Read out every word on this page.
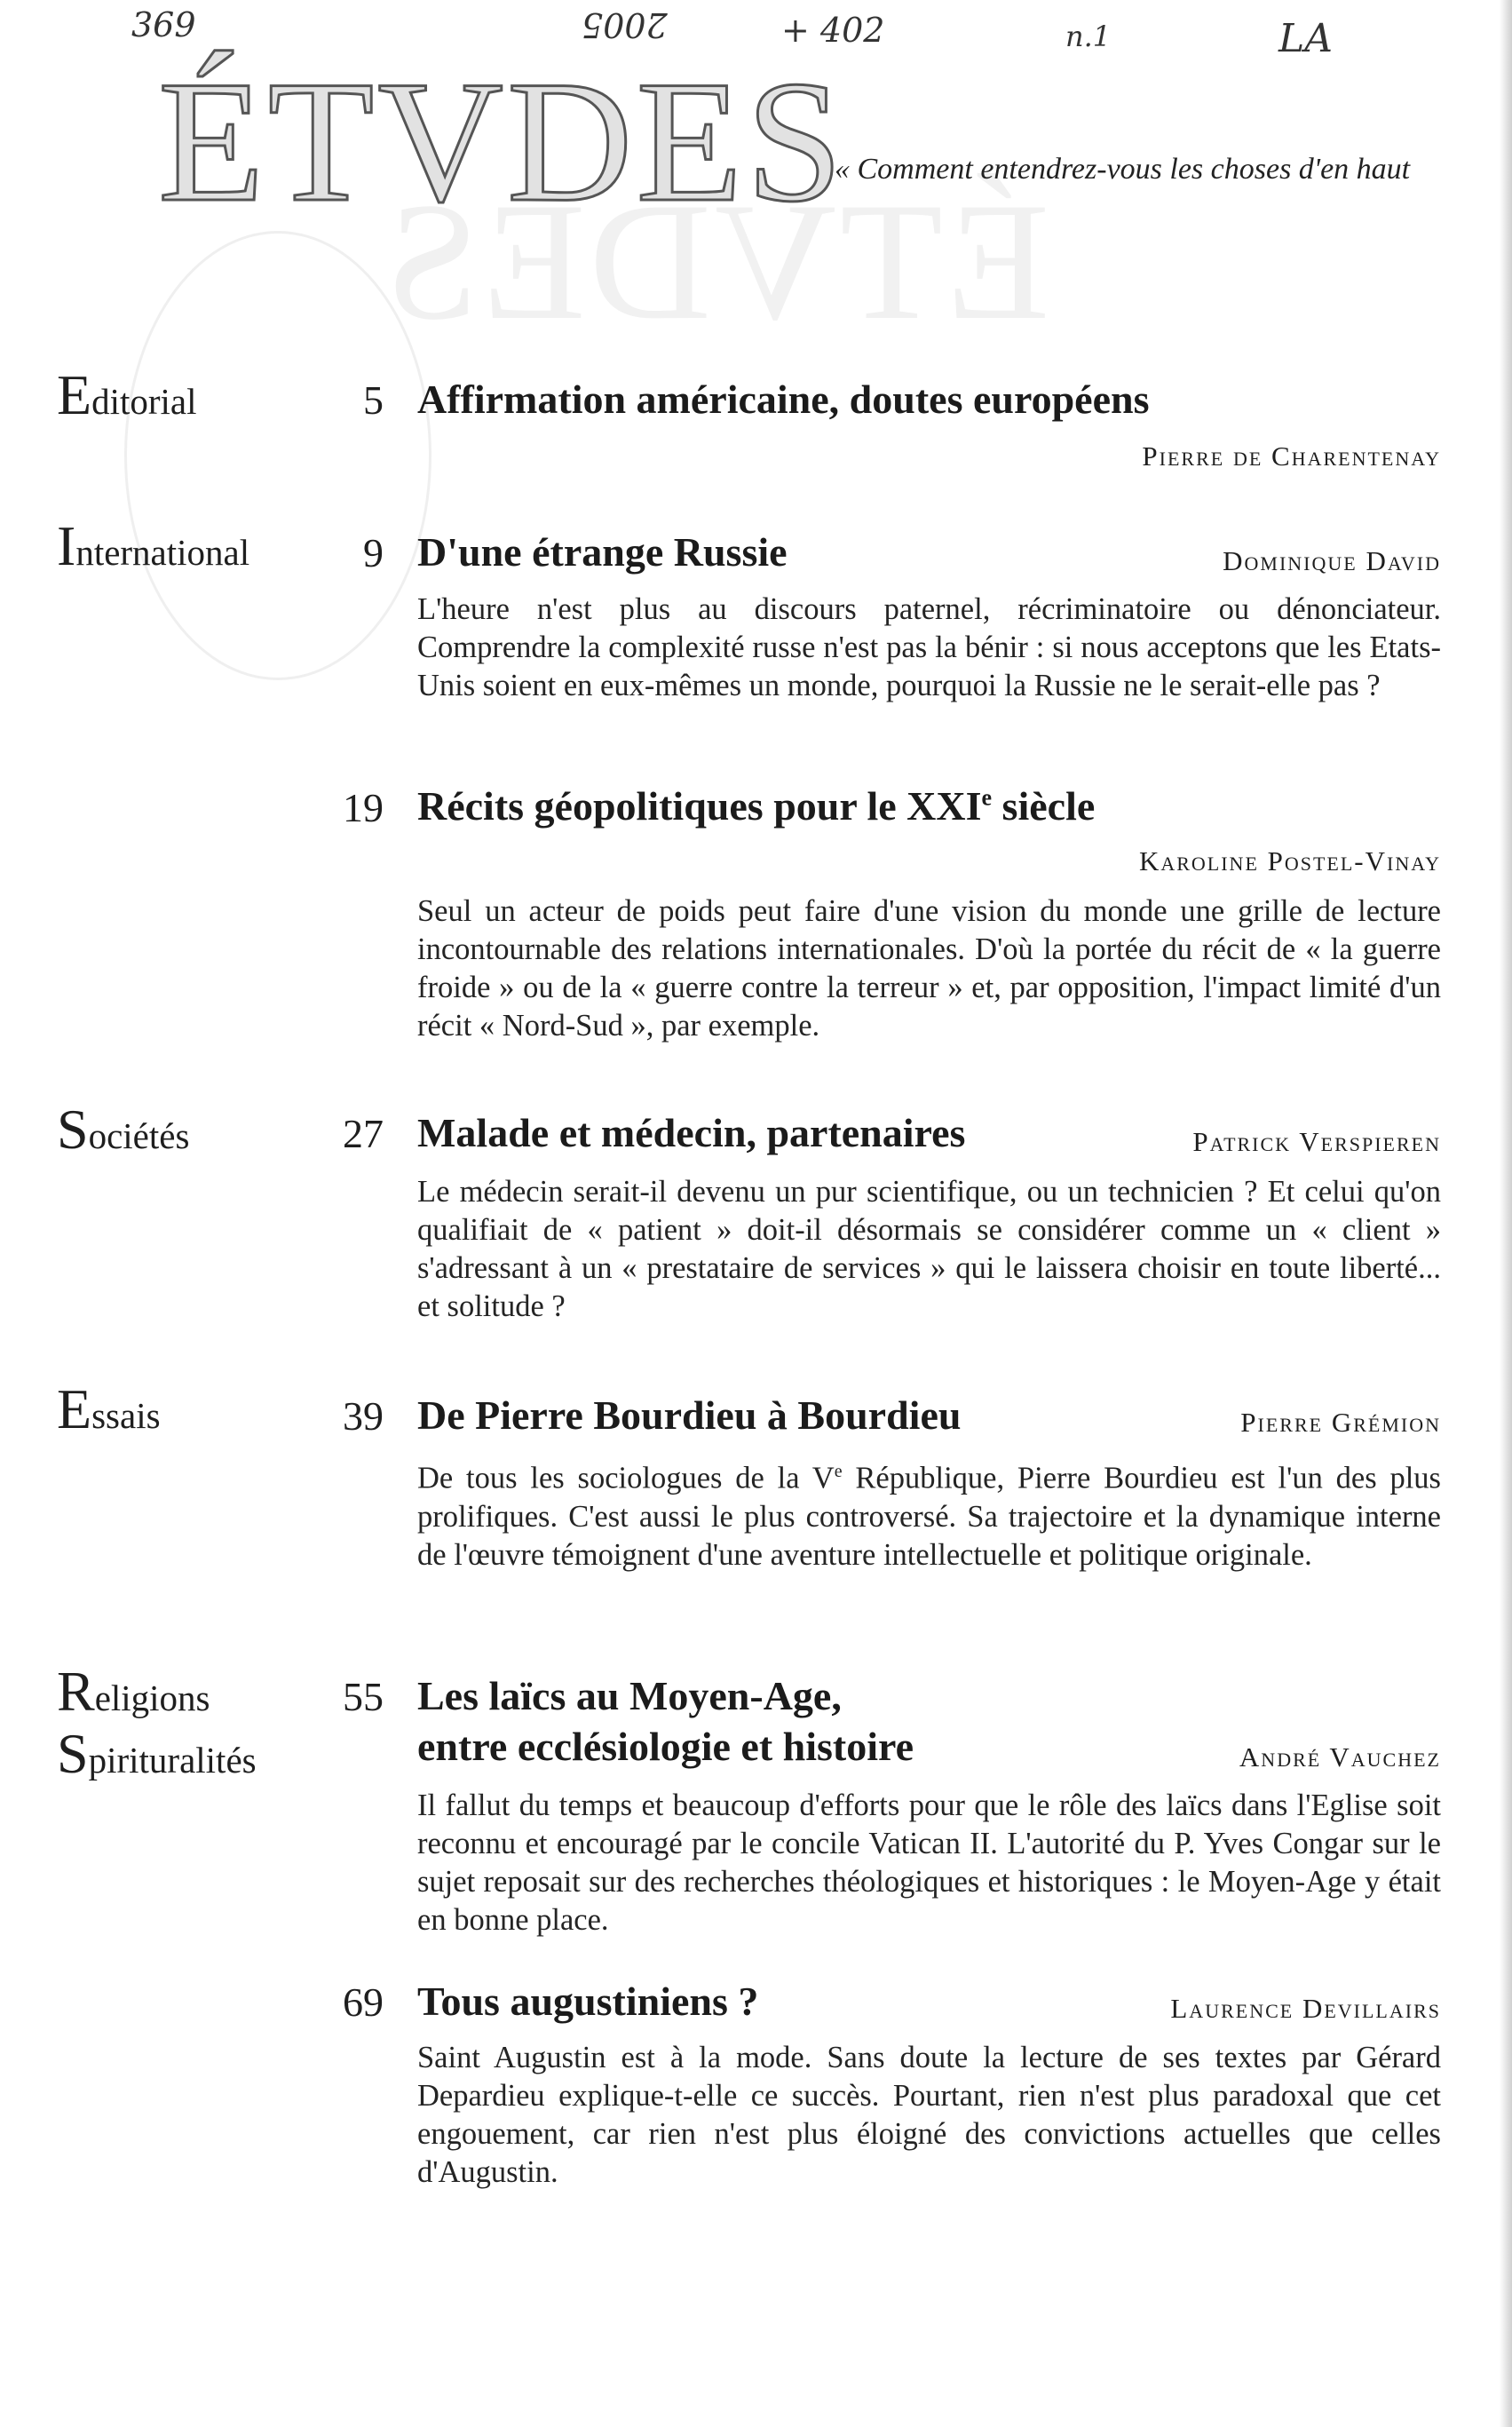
ÉTVDES
369	2005	+ 402	n.1	LA
ÉTVDES
« Comment entendrez-vous les choses d'en haut
Editorial	5 Affirmation américaine, doutes européens
Pierre de Charentenay
International	9 D'une étrange Russie	Dominique David

L'heure n'est plus au discours paternel, récriminatoire ou dénonciateur. Comprendre la complexité russe n'est pas la bénir : si nous acceptons que les Etats-Unis soient en eux-mêmes un monde, pourquoi la Russie ne le serait-elle pas ?

19 Récits géopolitiques pour le XXIe siècle
Karoline Postel-Vinay

Seul un acteur de poids peut faire d'une vision du monde une grille de lecture incontournable des relations internationales. D'où la portée du récit de « la guerre froide » ou de la « guerre contre la terreur » et, par opposition, l'impact limité d'un récit « Nord-Sud », par exemple.

Sociétés	27 Malade et médecin, partenaires	Patrick Verspieren

Le médecin serait-il devenu un pur scientifique, ou un technicien ? Et celui qu'on qualifiait de « patient » doit-il désormais se considérer comme un « client » s'adressant à un « prestataire de services » qui le laissera choisir en toute liberté... et solitude ?

Essais	39 De Pierre Bourdieu à Bourdieu	Pierre Grémion

De tous les sociologues de la Ve République, Pierre Bourdieu est l'un des plus prolifiques. C'est aussi le plus controversé. Sa trajectoire et la dynamique interne de l'œuvre témoignent d'une aventure intellectuelle et politique originale.

Religions
Spirituralités
55 Les laïcs au Moyen-Age,
entre ecclésiologie et histoire	André Vauchez

Il fallut du temps et beaucoup d'efforts pour que le rôle des laïcs dans l'Eglise soit reconnu et encouragé par le concile Vatican II. L'autorité du P. Yves Congar sur le sujet reposait sur des recherches théologiques et historiques : le Moyen-Age y était en bonne place.

69 Tous augustiniens ?	Laurence Devillairs

Saint Augustin est à la mode. Sans doute la lecture de ses textes par Gérard Depardieu explique-t-elle ce succès. Pourtant, rien n'est plus paradoxal que cet engouement, car rien n'est plus éloigné des convictions actuelles que celles d'Augustin.
